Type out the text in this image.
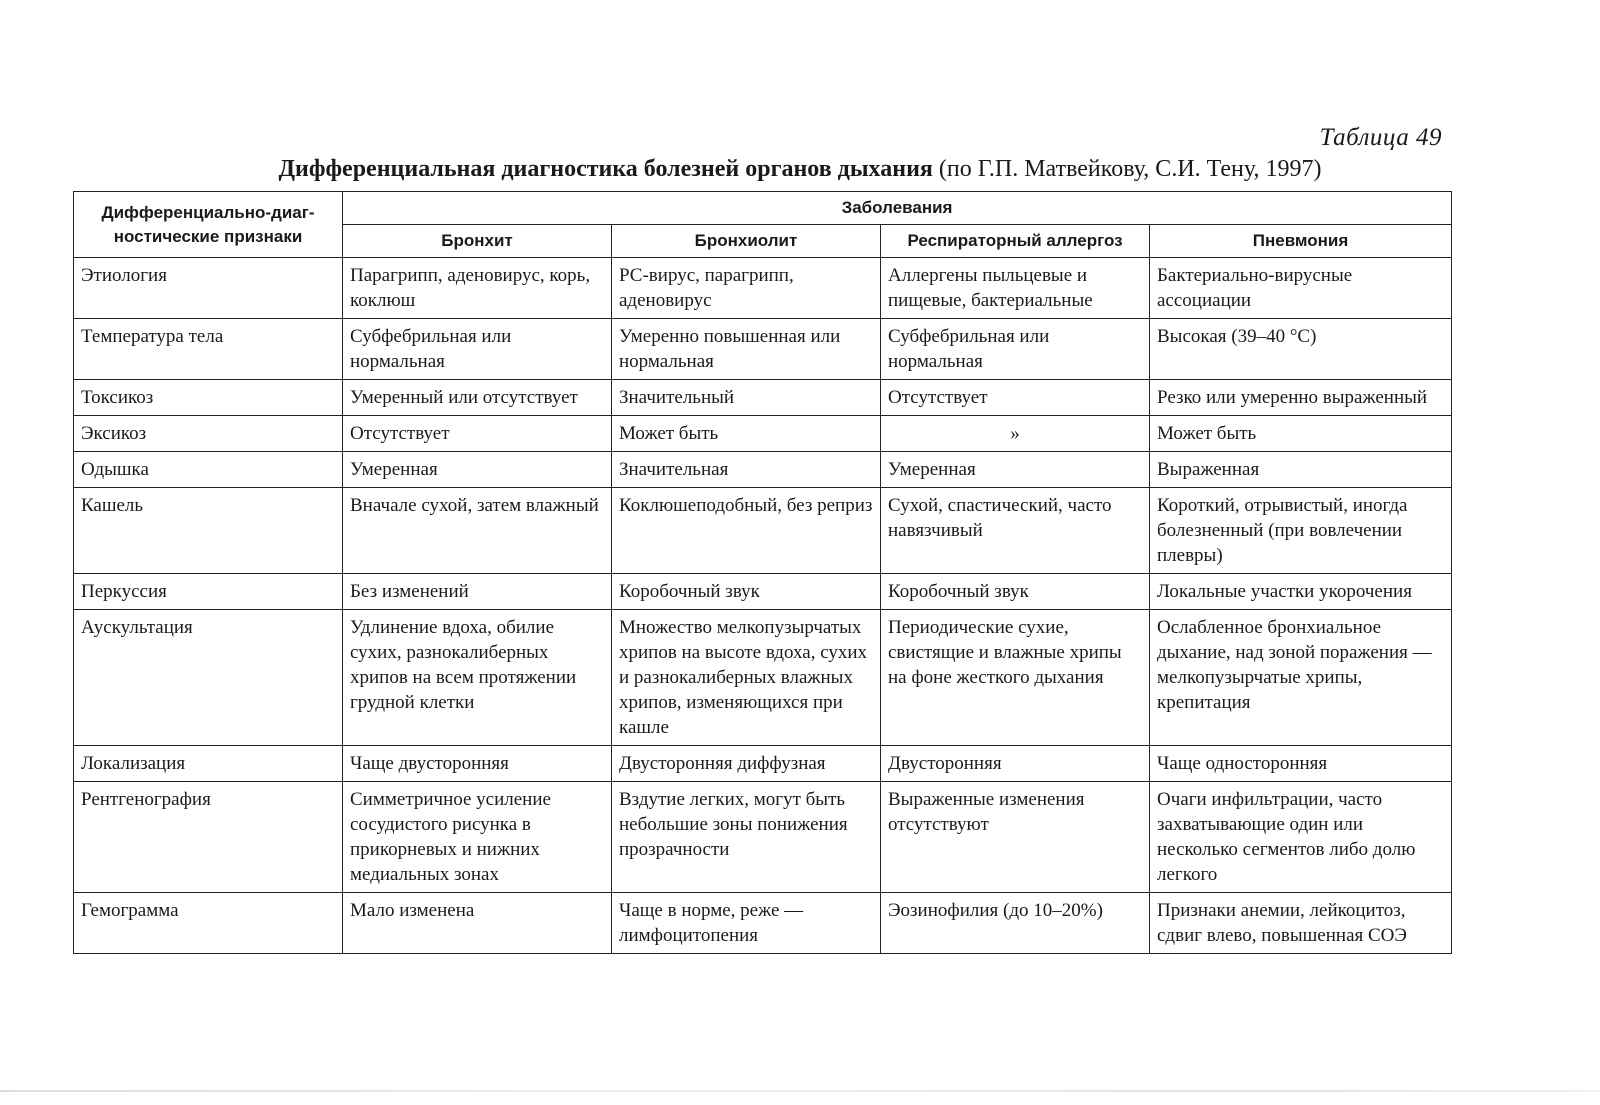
Таблица 49
Дифференциальная диагностика болезней органов дыхания (по Г.П. Матвейкову, С.И. Тену, 1997)
Дифференциально-диаг-ностические признаки	Заболевания			
	Бронхит	Бронхиолит	Респираторный аллергоз	Пневмония
Этиология	Парагрипп, аденовирус, корь, коклюш	РС-вирус, парагрипп, аденовирус	Аллергены пыльцевые и пищевые, бактериальные	Бактериально-вирусные ассоциации
Температура тела	Субфебрильная или нормальная	Умеренно повышенная или нормальная	Субфебрильная или нормальная	Высокая (39–40 °С)
Токсикоз	Умеренный или отсутствует	Значительный	Отсутствует	Резко или умеренно выраженный
Эксикоз	Отсутствует	Может быть	»	Может быть
Одышка	Умеренная	Значительная	Умеренная	Выраженная
Кашель	Вначале сухой, затем влажный	Коклюшеподобный, без реприз	Сухой, спастический, часто навязчивый	Короткий, отрывистый, иногда болезненный (при вовлечении плевры)
Перкуссия	Без изменений	Коробочный звук	Коробочный звук	Локальные участки укорочения
Аускультация	Удлинение вдоха, обилие сухих, разнокалиберных хрипов на всем протяжении грудной клетки	Множество мелкопузырчатых хрипов на высоте вдоха, сухих и разнокалиберных влажных хрипов, изменяющихся при кашле	Периодические сухие, свистящие и влажные хрипы на фоне жесткого дыхания	Ослабленное бронхиальное дыхание, над зоной поражения — мелкопузырчатые хрипы, крепитация
Локализация	Чаще двусторонняя	Двусторонняя диффузная	Двусторонняя	Чаще односторонняя
Рентгенография	Симметричное усиление сосудистого рисунка в прикорневых и нижних медиальных зонах	Вздутие легких, могут быть небольшие зоны понижения прозрачности	Выраженные изменения отсутствуют	Очаги инфильтрации, часто захватывающие один или несколько сегментов либо долю легкого
Гемограмма	Мало изменена	Чаще в норме, реже — лимфоцитопения	Эозинофилия (до 10–20%)	Признаки анемии, лейкоцитоз, сдвиг влево, повышенная СОЭ
